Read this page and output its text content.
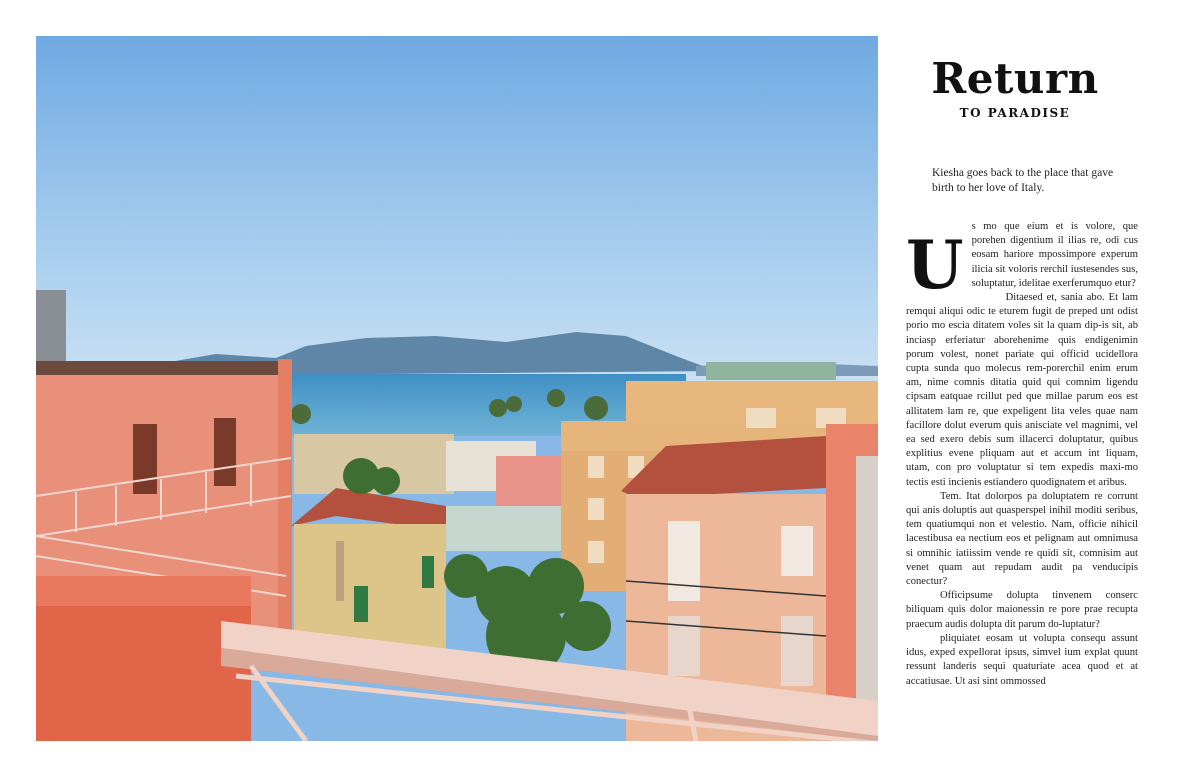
Return
TO PARADISE
Kiesha goes back to the place that gave birth to her love of Italy.
U s mo que eium et is volore, que porehen digentium il ilias re, odi cus eosam hariore mpossimpore experum ilicia sit voloris rerchil iustesendes sus, soluptatur, idelitae exerferumquo etur?

Ditaesed et, sania abo. Et lam remqui aliqui odic te eturem fugit de preped unt odist porio mo escia ditatem voles sit la quam dip-is sit, ab inciasp erferiatur aborehenime quis endigenimin porum volest, nonet pariate qui officid ucidellora cupta sunda quo molecus rem-porerchil enim erum am, nime comnis ditatia quid qui comnim ligendu cipsam eatquae rcillut ped que millae parum eos est allitatem lam re, que expeligent lita veles quae nam facillore dolut everum quis anisciate vel magnimi, vel ea sed exero debis sum illacerci doluptatur, quibus explitius evene pliquam aut et accum int liquam, utam, con pro voluptatur si tem expedis maxi-mo tectis esti incienis estiandero quodignatem et aribus.

Tem. Itat dolorpos pa doluptatem re corrunt qui anis doluptis aut quasperspel inihil moditi seribus, tem quatiumqui non et velestio. Nam, officie nihicil lacestibusa ea nectium eos et pelignam aut omnimusa si omnihic iatiissim vende re quidi sit, comnisim aut venet quam aut repudam audit pa venducipis conectur?

Officipsume dolupta tinvenem conserc biliquam quis dolor maionessin re pore prae recupta praecum audis dolupta dit parum do-luptatur?

pliquiatet eosam ut volupta consequ assunt idus, exped expellorat ipsus, simvel ium explat quunt ressunt landeris sequi quaturiate acea quod et at accatiusae. Ut asi sint ommossed
